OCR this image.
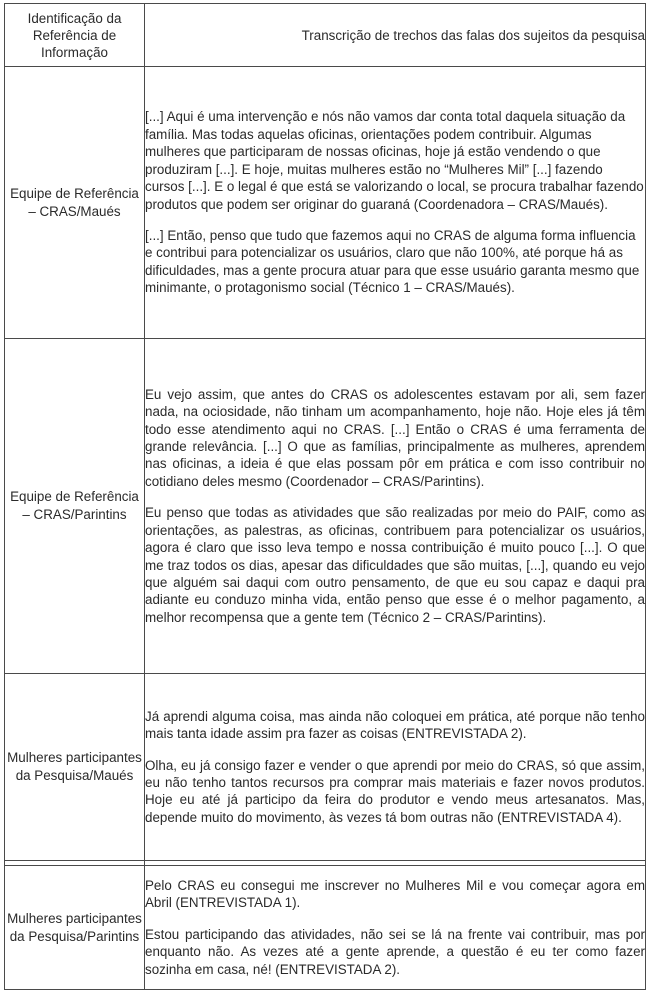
Identificação da Referência de Informação	Transcrição de trechos das falas dos sujeitos da pesquisa
Equipe de Referência – CRAS/Maués	[...] Aqui é uma intervenção e nós não vamos dar conta total daquela situação da família. Mas todas aquelas oficinas, orientações podem contribuir. Algumas mulheres que participaram de nossas oficinas, hoje já estão vendendo o que produziram [...]. E hoje, muitas mulheres estão no “Mulheres Mil” [...] fazendo cursos [...]. E o legal é que está se valorizando o local, se procura trabalhar fazendo produtos que podem ser originar do guaraná (Coordenadora – CRAS/Maués).

[...] Então, penso que tudo que fazemos aqui no CRAS de alguma forma influencia e contribui para potencializar os usuários, claro que não 100%, até porque há as dificuldades, mas a gente procura atuar para que esse usuário garanta mesmo que minimante, o protagonismo social (Técnico 1 – CRAS/Maués).

Equipe de Referência – CRAS/Parintins	Eu vejo assim, que antes do CRAS os adolescentes estavam por ali, sem fazer nada, na ociosidade, não tinham um acompanhamento, hoje não. Hoje eles já têm todo esse atendimento aqui no CRAS. [...] Então o CRAS é uma ferramenta de grande relevância. [...] O que as famílias, principalmente as mulheres, aprendem nas oficinas, a ideia é que elas possam pôr em prática e com isso contribuir no cotidiano deles mesmo (Coordenador – CRAS/Parintins).

Eu penso que todas as atividades que são realizadas por meio do PAIF, como as orientações, as palestras, as oficinas, contribuem para potencializar os usuários, agora é claro que isso leva tempo e nossa contribuição é muito pouco [...]. O que me traz todos os dias, apesar das dificuldades que são muitas, [...], quando eu vejo que alguém sai daqui com outro pensamento, de que eu sou capaz e daqui pra adiante eu conduzo minha vida, então penso que esse é o melhor pagamento, a melhor recompensa que a gente tem (Técnico 2 – CRAS/Parintins).

Mulheres participantes da Pesquisa/Maués	Já aprendi alguma coisa, mas ainda não coloquei em prática, até porque não tenho mais tanta idade assim pra fazer as coisas (ENTREVISTADA 2).

Olha, eu já consigo fazer e vender o que aprendi por meio do CRAS, só que assim, eu não tenho tantos recursos pra comprar mais materiais e fazer novos produtos. Hoje eu até já participo da feira do produtor e vendo meus artesanatos. Mas, depende muito do movimento, às vezes tá bom outras não (ENTREVISTADA 4).

Mulheres participantes da Pesquisa/Parintins	Pelo CRAS eu consegui me inscrever no Mulheres Mil e vou começar agora em Abril (ENTREVISTADA 1).

Estou participando das atividades, não sei se lá na frente vai contribuir, mas por enquanto não. As vezes até a gente aprende, a questão é eu ter como fazer sozinha em casa, né! (ENTREVISTADA 2).
